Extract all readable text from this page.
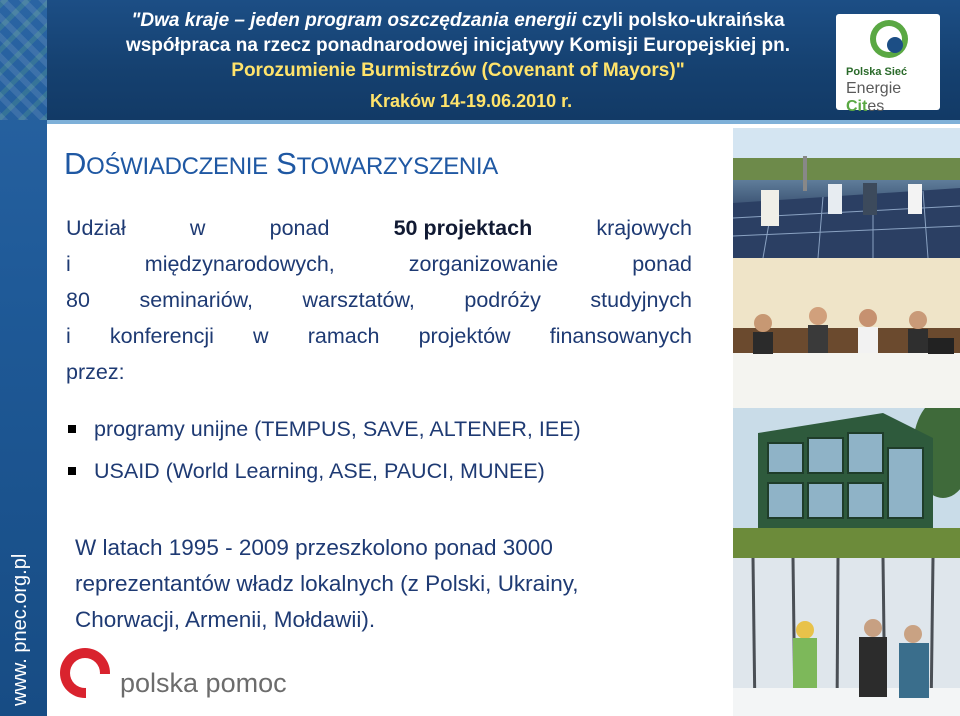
"Dwa kraje – jeden program oszczędzania energii czyli polsko-ukraińska
współpraca na rzecz ponadnarodowej inicjatywy Komisji Europejskiej pn.
Porozumienie Burmistrzów (Covenant of Mayors)"
Kraków 14-19.06.2010 r.
Polska Sieć
Energie Cites
www. pnec.org.pl
DOŚWIADCZENIE STOWARZYSZENIA
Udział	w	ponad	50 projektach	krajowych
i	międzynarodowych,	zorganizowanie	ponad
80 seminariów, warsztatów, podróży studyjnych
i konferencji w ramach projektów finansowanych
przez:
programy unijne (TEMPUS, SAVE, ALTENER, IEE)
USAID (World Learning, ASE, PAUCI, MUNEE)
W latach 1995 - 2009 przeszkolono ponad 3000
reprezentantów władz lokalnych (z Polski, Ukrainy,
Chorwacji, Armenii, Mołdawii).
polska pomoc
